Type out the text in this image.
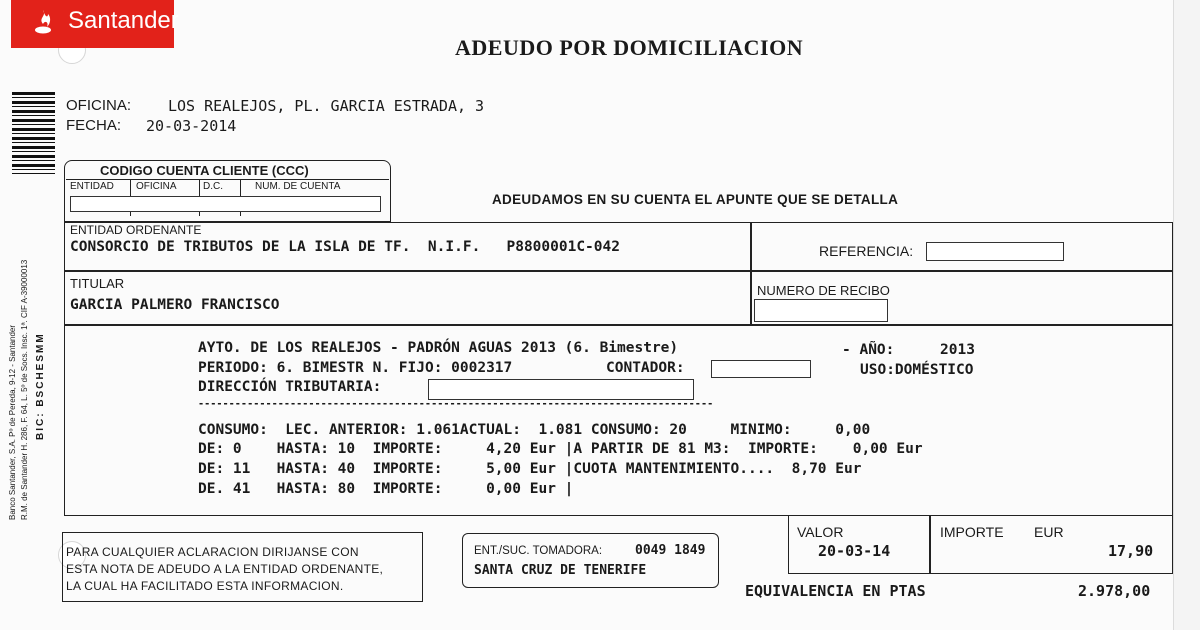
Santander
Banco Santander, S.A. Pº de Pereda, 9-12 - Santander R.M. de Santander H. 286, F. 64, L. 5º de Socs. Insc. 1ª. CIF A-39000013 BIC: BSCHESMM
ADEUDO POR DOMICILIACION
OFICINA: LOS REALEJOS, PL. GARCIA ESTRADA, 3
FECHA: 20-03-2014
CODIGO CUENTA CLIENTE (CCC)
ENTIDAD OFICINA	D.C.	NUM. DE CUENTA
ADEUDAMOS EN SU CUENTA EL APUNTE QUE SE DETALLA
ENTIDAD ORDENANTE
CONSORCIO DE TRIBUTOS DE LA ISLA DE TF.  N.I.F.   P8800001C-042	REFERENCIA:
TITULAR
GARCIA PALMERO FRANCISCO
NUMERO DE RECIBO
AYTO. DE LOS REALEJOS - PADRÓN AGUAS 2013 (6. Bimestre)	- AÑO:	2013
PERIODO: 6. BIMESTR N. FIJO: 0002317	CONTADOR:	USO:DOMÉSTICO
DIRECCIÓN TRIBUTARIA:
------------------------------------------------------------------------------------
CONSUMO:  LEC. ANTERIOR: 1.061ACTUAL:  1.081 CONSUMO: 20     MINIMO:     0,00
DE: 0    HASTA: 10  IMPORTE:     4,20 Eur |A PARTIR DE 81 M3:  IMPORTE:    0,00 Eur
DE: 11   HASTA: 40  IMPORTE:     5,00 Eur |CUOTA MANTENIMIENTO....  8,70 Eur
DE. 41   HASTA: 80  IMPORTE:     0,00 Eur |
PARA CUALQUIER ACLARACION DIRIJANSE CON
ESTA NOTA DE ADEUDO A LA ENTIDAD ORDENANTE,
LA CUAL HA FACILITADO ESTA INFORMACION.
ENT./SUC. TOMADORA:	0049 1849
SANTA CRUZ DE TENERIFE
VALOR
20-03-14
IMPORTE EUR
17,90
EQUIVALENCIA EN PTAS	2.978,00
